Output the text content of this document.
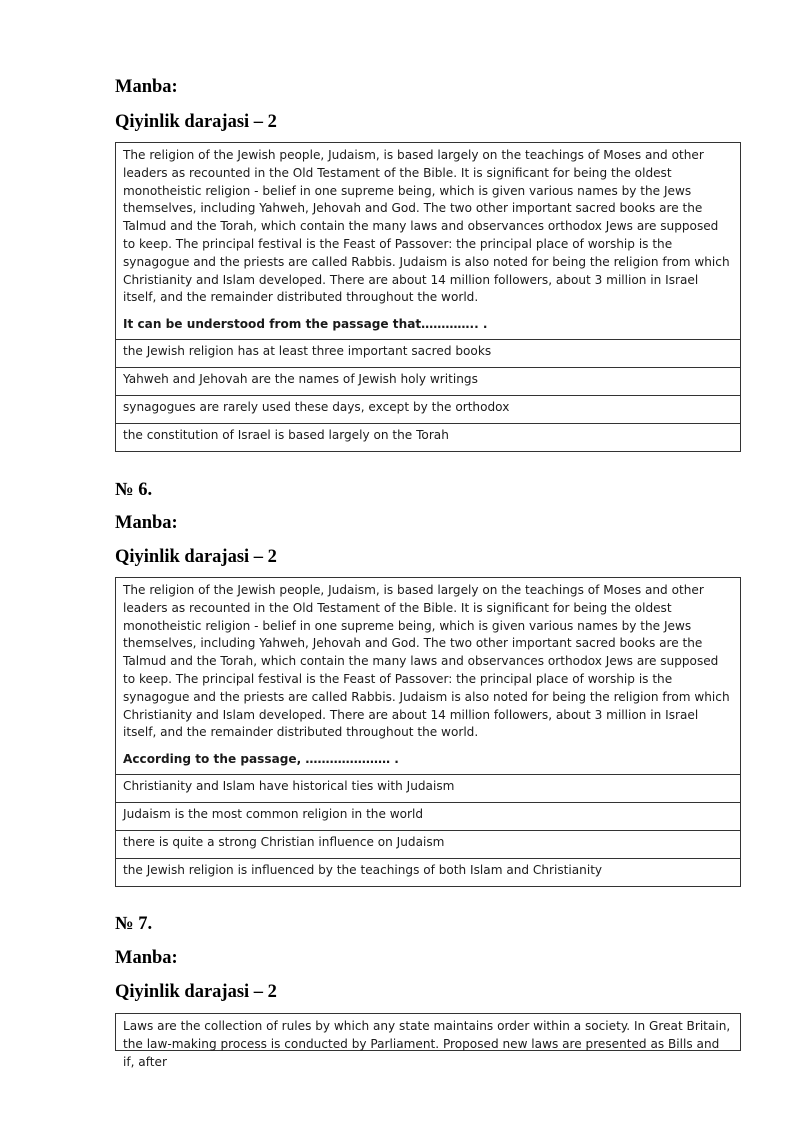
Manba:
Qiyinlik darajasi – 2
The religion of the Jewish people, Judaism, is based largely on the teachings of Moses and other leaders as recounted in the Old Testament of the Bible. It is significant for being the oldest monotheistic religion - belief in one supreme being, which is given various names by the Jews themselves, including Yahweh, Jehovah and God. The two other important sacred books are the Talmud and the Torah, which contain the many laws and observances orthodox Jews are supposed to keep. The principal festival is the Feast of Passover: the principal place of worship is the synagogue and the priests are called Rabbis. Judaism is also noted for being the religion from which Christianity and Islam developed. There are about 14 million followers, about 3 million in Israel itself, and the remainder distributed throughout the world.
It can be understood from the passage that………….. .
the Jewish religion has at least three important sacred books
Yahweh and Jehovah are the names of Jewish holy writings
synagogues are rarely used these days, except by the orthodox
the constitution of Israel is based largely on the Torah
№ 6.
Manba:
Qiyinlik darajasi – 2
The religion of the Jewish people, Judaism, is based largely on the teachings of Moses and other leaders as recounted in the Old Testament of the Bible. It is significant for being the oldest monotheistic religion - belief in one supreme being, which is given various names by the Jews themselves, including Yahweh, Jehovah and God. The two other important sacred books are the Talmud and the Torah, which contain the many laws and observances orthodox Jews are supposed to keep. The principal festival is the Feast of Passover: the principal place of worship is the synagogue and the priests are called Rabbis. Judaism is also noted for being the religion from which Christianity and Islam developed. There are about 14 million followers, about 3 million in Israel itself, and the remainder distributed throughout the world.
According to the passage, ………………… .
Christianity and Islam have historical ties with Judaism
Judaism is the most common religion in the world
there is quite a strong Christian influence on Judaism
the Jewish religion is influenced by the teachings of both Islam and Christianity
№ 7.
Manba:
Qiyinlik darajasi – 2
Laws are the collection of rules by which any state maintains order within a society. In Great Britain, the law-making process is conducted by Parliament. Proposed new laws are presented as Bills and if, after
